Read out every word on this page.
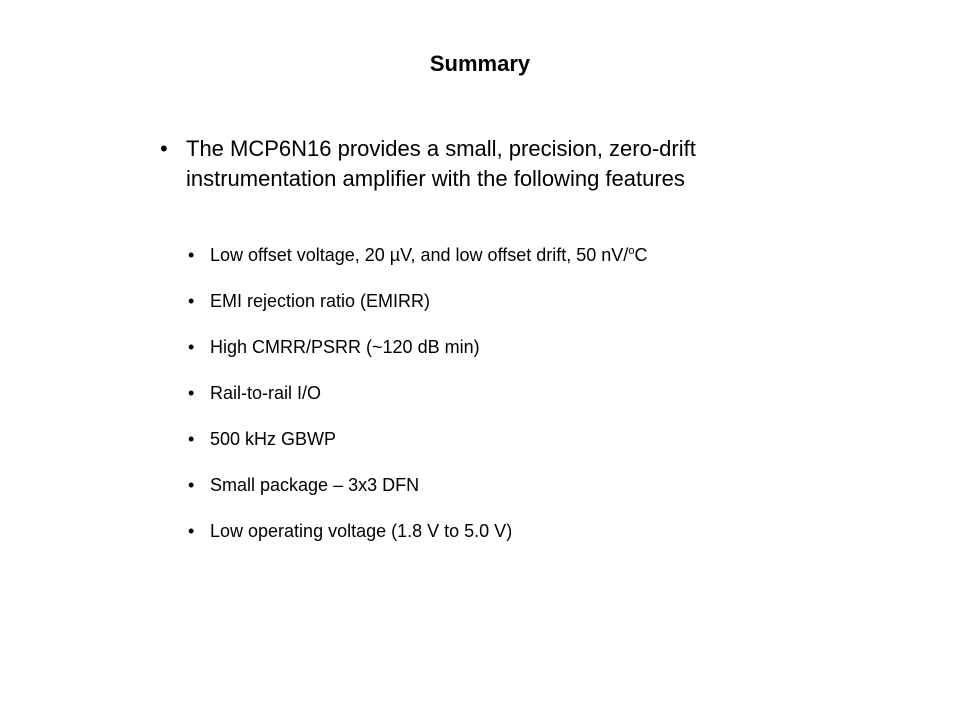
Summary
• The MCP6N16 provides a small, precision, zero-drift instrumentation amplifier with the following features
• Low offset voltage, 20 µV, and low offset drift, 50 nV/$^o$C
• EMI rejection ratio (EMIRR)
• High CMRR/PSRR (~120 dB min)
• Rail-to-rail I/O
• 500 kHz GBWP
• Small package – 3x3 DFN
• Low operating voltage (1.8 V to 5.0 V)
